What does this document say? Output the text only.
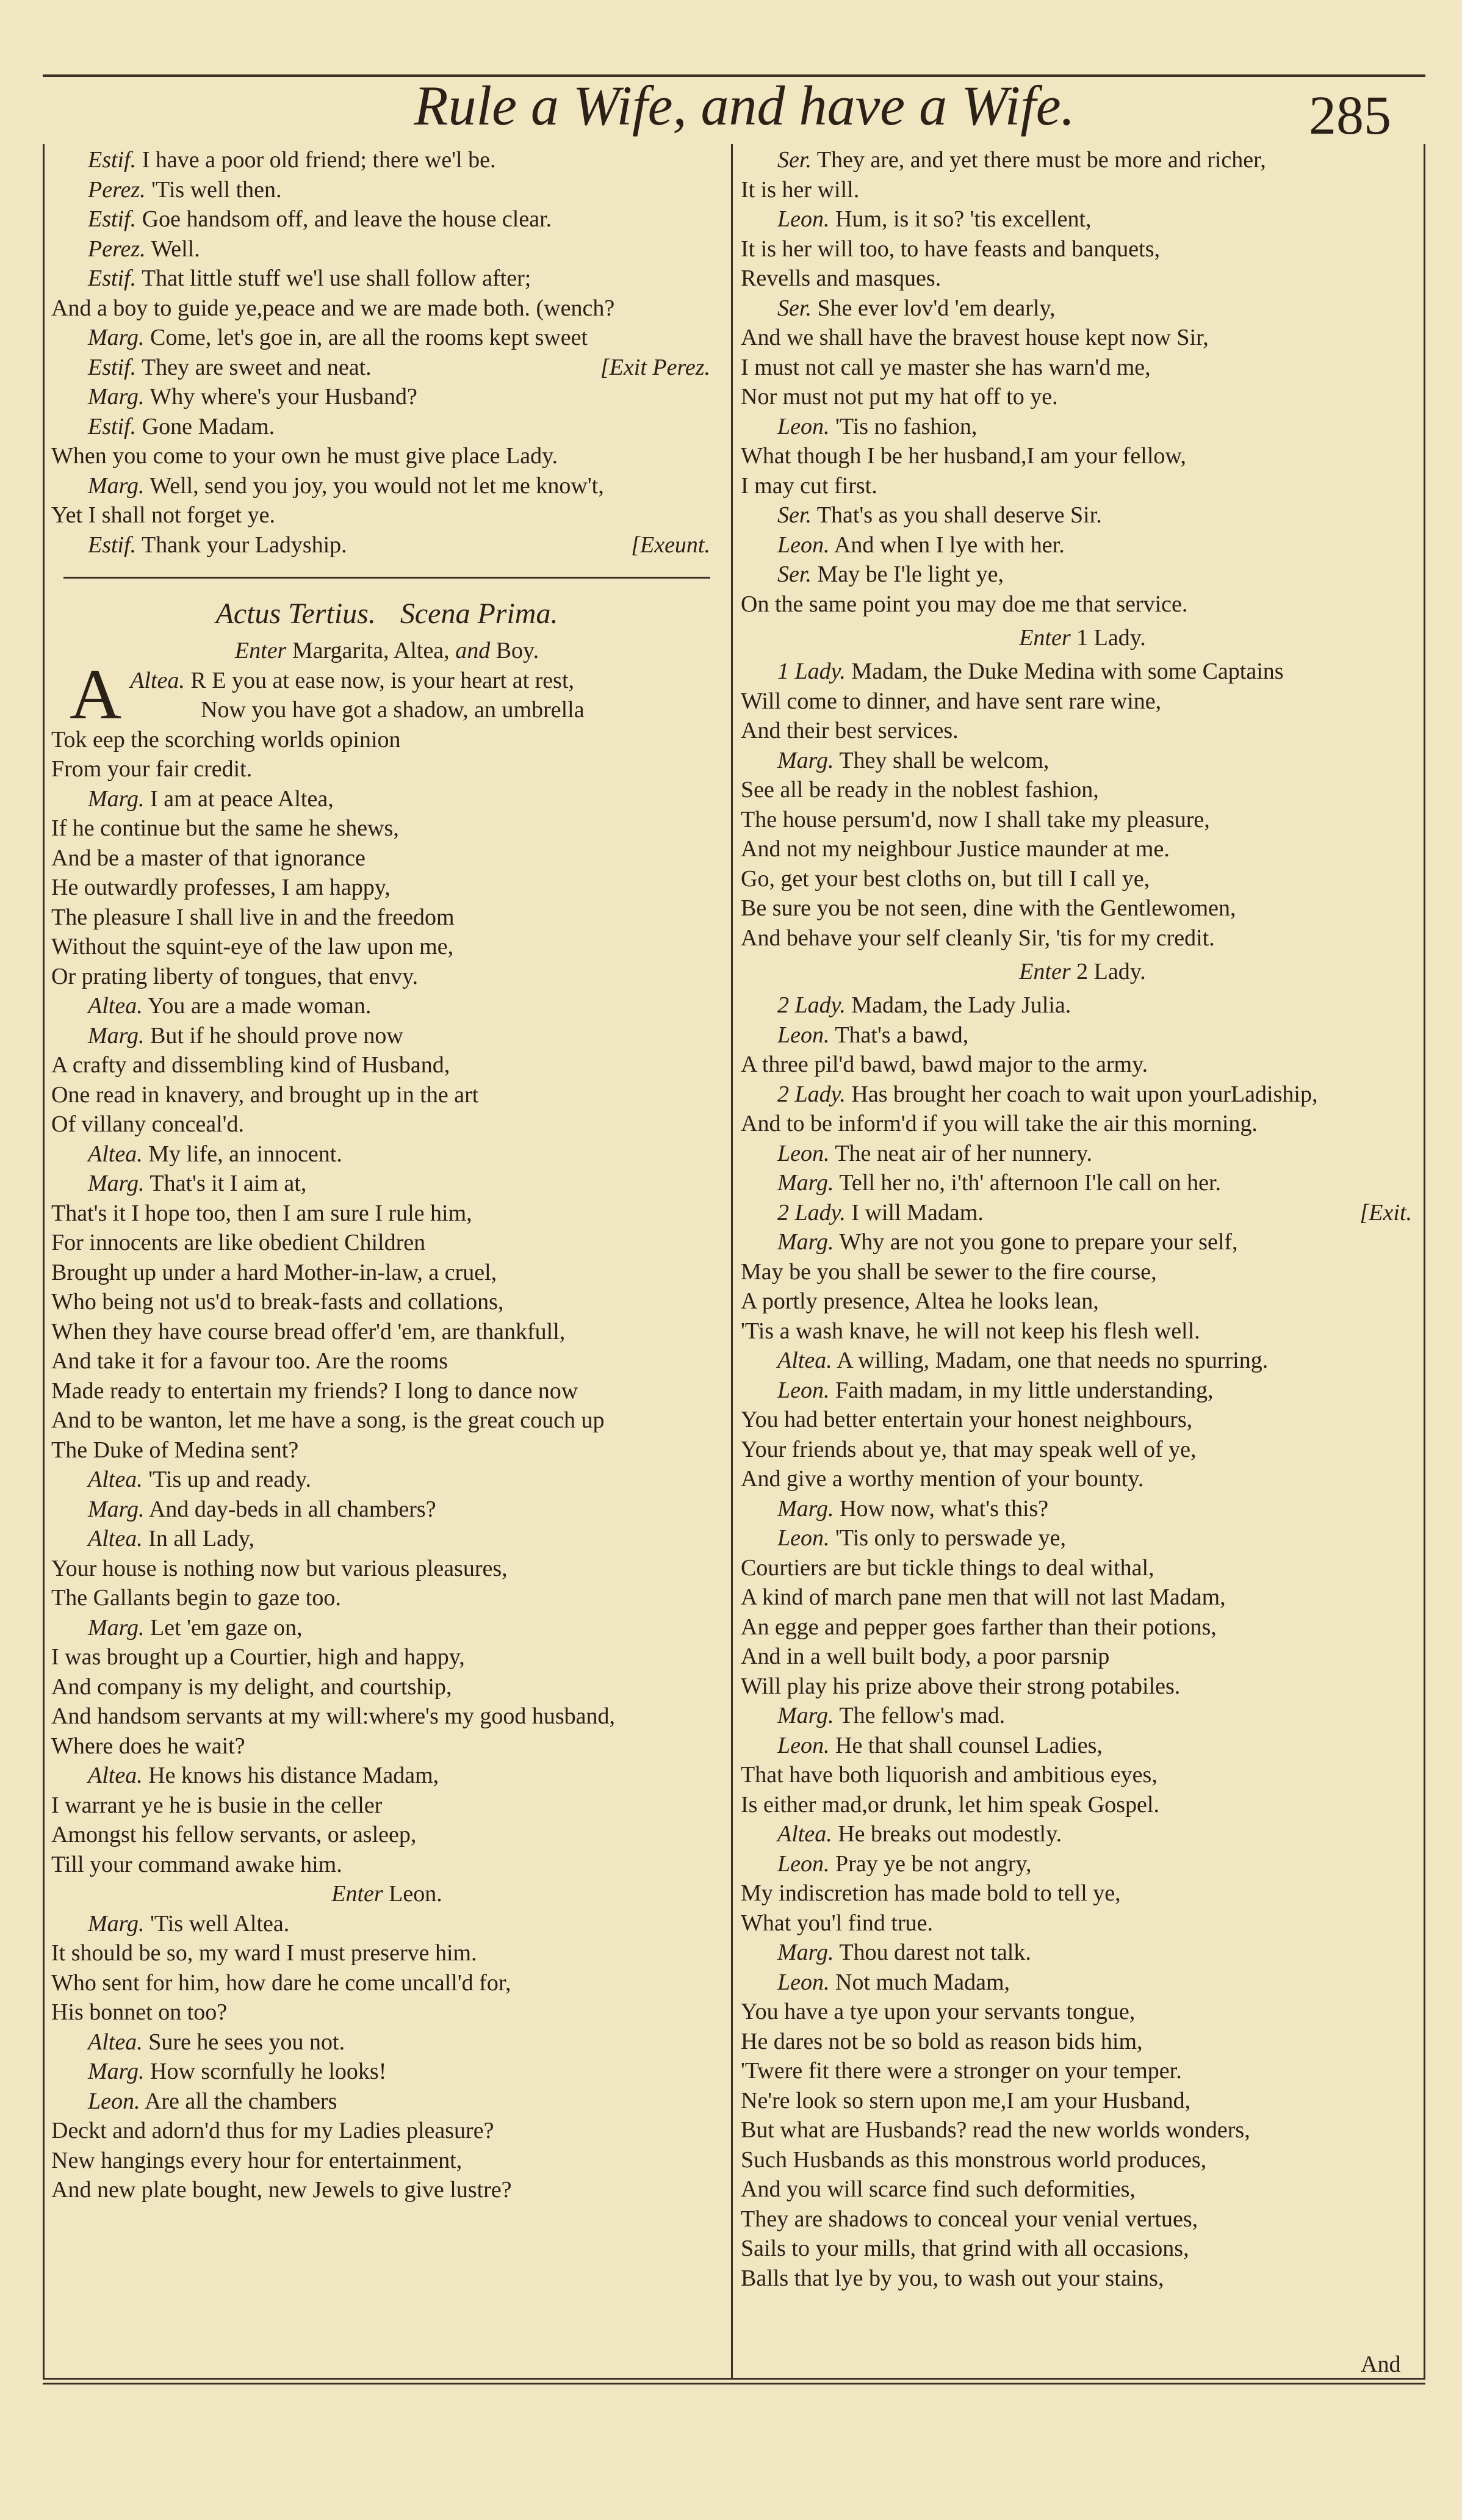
Rule a Wife, and have a Wife.	285
Estif. I have a poor old friend; there we'l be.
Perez. 'Tis well then.
Estif. Goe handsom off, and leave the house clear.
Perez. Well.
Estif. That little stuff we'l use shall follow after;
And a boy to guide ye,peace and we are made both. (wench?
Marg. Come, let's goe in, are all the rooms kept sweet
Estif. They are sweet and neat.	[Exit Perez.
Marg. Why where's your Husband?
Estif. Gone Madam.
When you come to your own he must give place Lady.
Marg. Well, send you joy, you would not let me know't,
Yet I shall not forget ye.
Estif. Thank your Ladyship.	[Exeunt.
Actus Tertius. Scena Prima.
Enter Margarita, Altea, and Boy.
Altea.
A	R E you at ease now, is your heart at rest,
Now you have got a shadow, an umbrella
Tok eep the scorching worlds opinion
From your fair credit.
Marg. I am at peace Altea,
If he continue but the same he shews,
And be a master of that ignorance
He outwardly professes, I am happy,
The pleasure I shall live in and the freedom
Without the squint-eye of the law upon me,
Or prating liberty of tongues, that envy.
Altea. You are a made woman.
Marg. But if he should prove now
A crafty and dissembling kind of Husband,
One read in knavery, and brought up in the art
Of villany conceal'd.
Altea. My life, an innocent.
Marg. That's it I aim at,
That's it I hope too, then I am sure I rule him,
For innocents are like obedient Children
Brought up under a hard Mother-in-law, a cruel,
Who being not us'd to break-fasts and collations,
When they have course bread offer'd 'em, are thankfull,
And take it for a favour too. Are the rooms
Made ready to entertain my friends? I long to dance now
And to be wanton, let me have a song, is the great couch up
The Duke of Medina sent?
Altea. 'Tis up and ready.
Marg. And day-beds in all chambers?
Altea. In all Lady,
Your house is nothing now but various pleasures,
The Gallants begin to gaze too.
Marg. Let 'em gaze on,
I was brought up a Courtier, high and happy,
And company is my delight, and courtship,
And handsom servants at my will:where's my good husband,
Where does he wait?
Altea. He knows his distance Madam,
I warrant ye he is busie in the celler
Amongst his fellow servants, or asleep,
Till your command awake him.
Enter Leon.
Marg. 'Tis well Altea.
It should be so, my ward I must preserve him.
Who sent for him, how dare he come uncall'd for,
His bonnet on too?
Altea. Sure he sees you not.
Marg. How scornfully he looks!
Leon. Are all the chambers
Deckt and adorn'd thus for my Ladies pleasure?
New hangings every hour for entertainment,
And new plate bought, new Jewels to give lustre?
Ser. They are, and yet there must be more and richer,
It is her will.
Leon. Hum, is it so? 'tis excellent,
It is her will too, to have feasts and banquets,
Revells and masques.
Ser. She ever lov'd 'em dearly,
And we shall have the bravest house kept now Sir,
I must not call ye master she has warn'd me,
Nor must not put my hat off to ye.
Leon. 'Tis no fashion,
What though I be her husband,I am your fellow,
I may cut first.
Ser. That's as you shall deserve Sir.
Leon. And when I lye with her.
Ser. May be I'le light ye,
On the same point you may doe me that service.
Enter 1 Lady.
1 Lady. Madam, the Duke Medina with some Captains
Will come to dinner, and have sent rare wine,
And their best services.
Marg. They shall be welcom,
See all be ready in the noblest fashion,
The house persum'd, now I shall take my pleasure,
And not my neighbour Justice maunder at me.
Go, get your best cloths on, but till I call ye,
Be sure you be not seen, dine with the Gentlewomen,
And behave your self cleanly Sir, 'tis for my credit.
Enter 2 Lady.
2 Lady. Madam, the Lady Julia.
Leon. That's a bawd,
A three pil'd bawd, bawd major to the army.
2 Lady. Has brought her coach to wait upon yourLadiship,
And to be inform'd if you will take the air this morning.
Leon. The neat air of her nunnery.
Marg. Tell her no, i'th' afternoon I'le call on her.
2 Lady. I will Madam.	[Exit.
Marg. Why are not you gone to prepare your self,
May be you shall be sewer to the fire course,
A portly presence, Altea he looks lean,
'Tis a wash knave, he will not keep his flesh well.
Altea. A willing, Madam, one that needs no spurring.
Leon. Faith madam, in my little understanding,
You had better entertain your honest neighbours,
Your friends about ye, that may speak well of ye,
And give a worthy mention of your bounty.
Marg. How now, what's this?
Leon. 'Tis only to perswade ye,
Courtiers are but tickle things to deal withal,
A kind of march pane men that will not last Madam,
An egge and pepper goes farther than their potions,
And in a well built body, a poor parsnip
Will play his prize above their strong potabiles.
Marg. The fellow's mad.
Leon. He that shall counsel Ladies,
That have both liquorish and ambitious eyes,
Is either mad,or drunk, let him speak Gospel.
Altea. He breaks out modestly.
Leon. Pray ye be not angry,
My indiscretion has made bold to tell ye,
What you'l find true.
Marg. Thou darest not talk.
Leon. Not much Madam,
You have a tye upon your servants tongue,
He dares not be so bold as reason bids him,
'Twere fit there were a stronger on your temper.
Ne're look so stern upon me,I am your Husband,
But what are Husbands? read the new worlds wonders,
Such Husbands as this monstrous world produces,
And you will scarce find such deformities,
They are shadows to conceal your venial vertues,
Sails to your mills, that grind with all occasions,
Balls that lye by you, to wash out your stains,
And
